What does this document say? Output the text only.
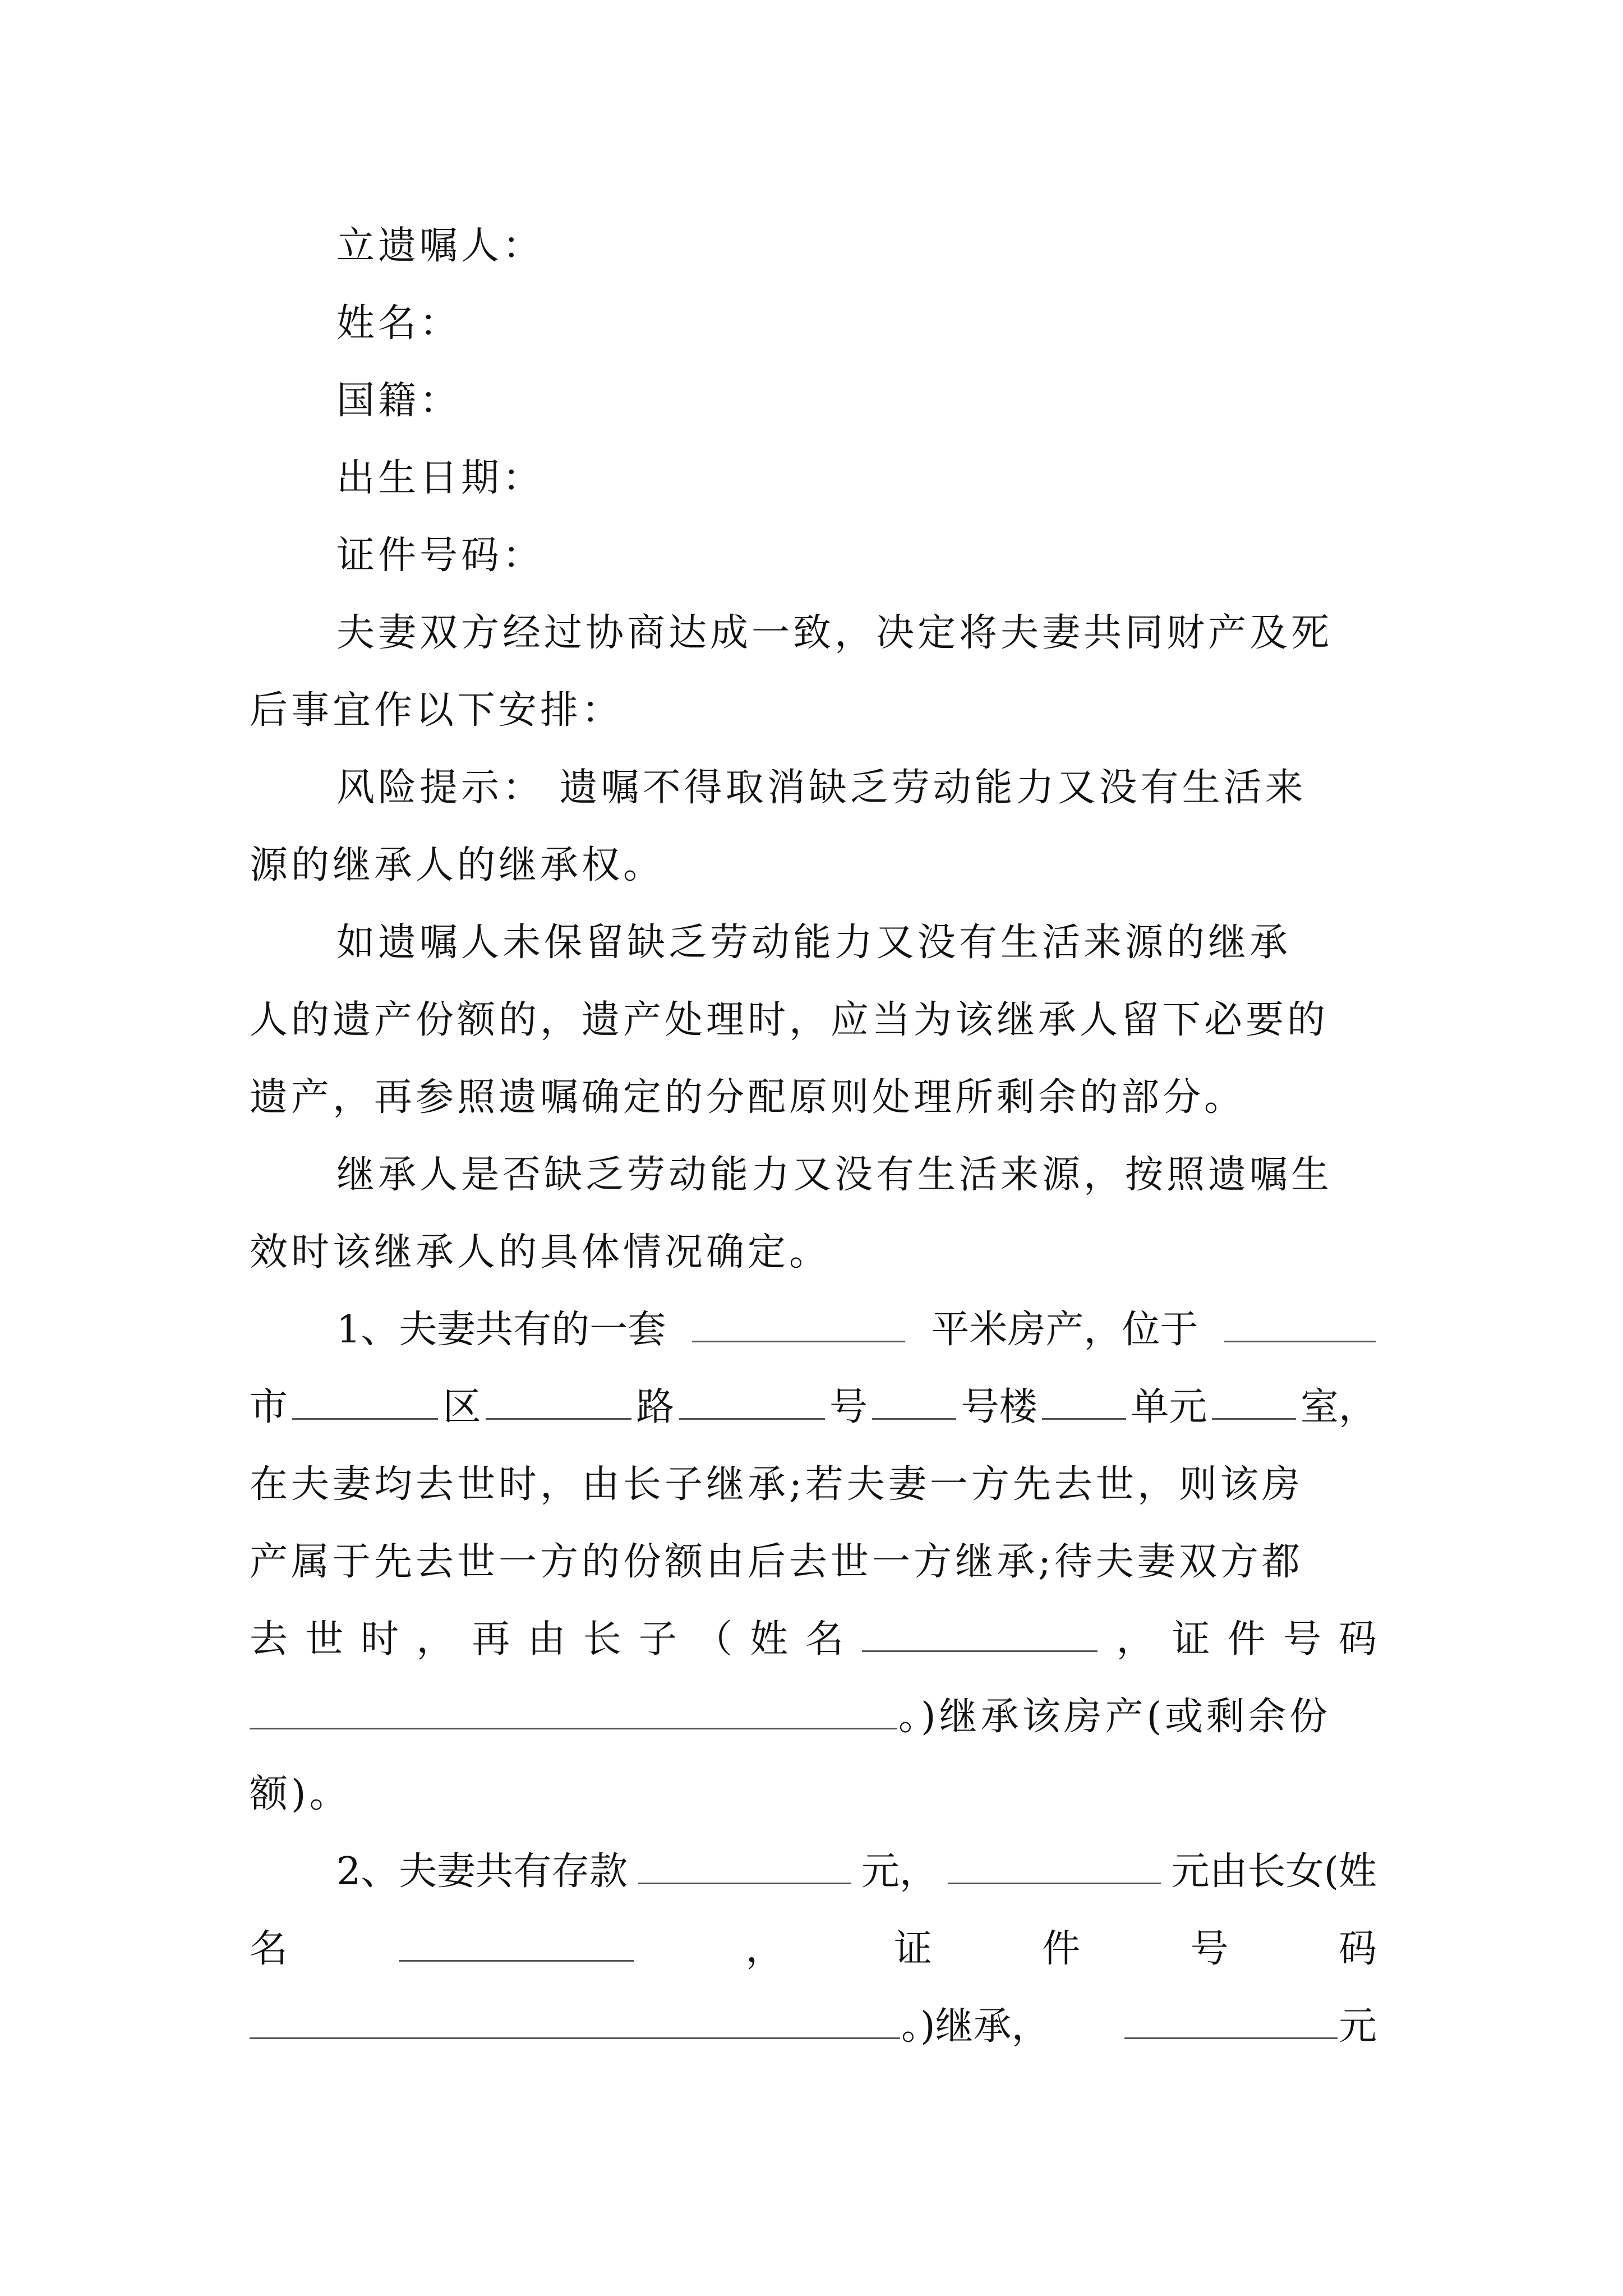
立遗嘱人：
姓名：
国籍：
出生日期：
证件号码：
夫妻双方经过协商达成一致，决定将夫妻共同财产及死
后事宜作以下安排：
风险提示： 遗嘱不得取消缺乏劳动能力又没有生活来
源的继承人的继承权。
如遗嘱人未保留缺乏劳动能力又没有生活来源的继承
人的遗产份额的，遗产处理时，应当为该继承人留下必要的
遗产，再参照遗嘱确定的分配原则处理所剩余的部分。
继承人是否缺乏劳动能力又没有生活来源，按照遗嘱生
效时该继承人的具体情况确定。
1、夫妻共有的一套	平米房产，位于
市	区	路	号 号楼 单元 室，
在夫妻均去世时，由长子继承;若夫妻一方先去世，则该房
产属于先去世一方的份额由后去世一方继承;待夫妻双方都
去 世 时 ， 再 由 长 子 （ 姓 名	， 证 件 号 码
。)继承该房产(或剩余份
额)。
2、夫妻共有存款	元，	元由长女(姓
名	，	证	件	号	码
。)继承，	元
